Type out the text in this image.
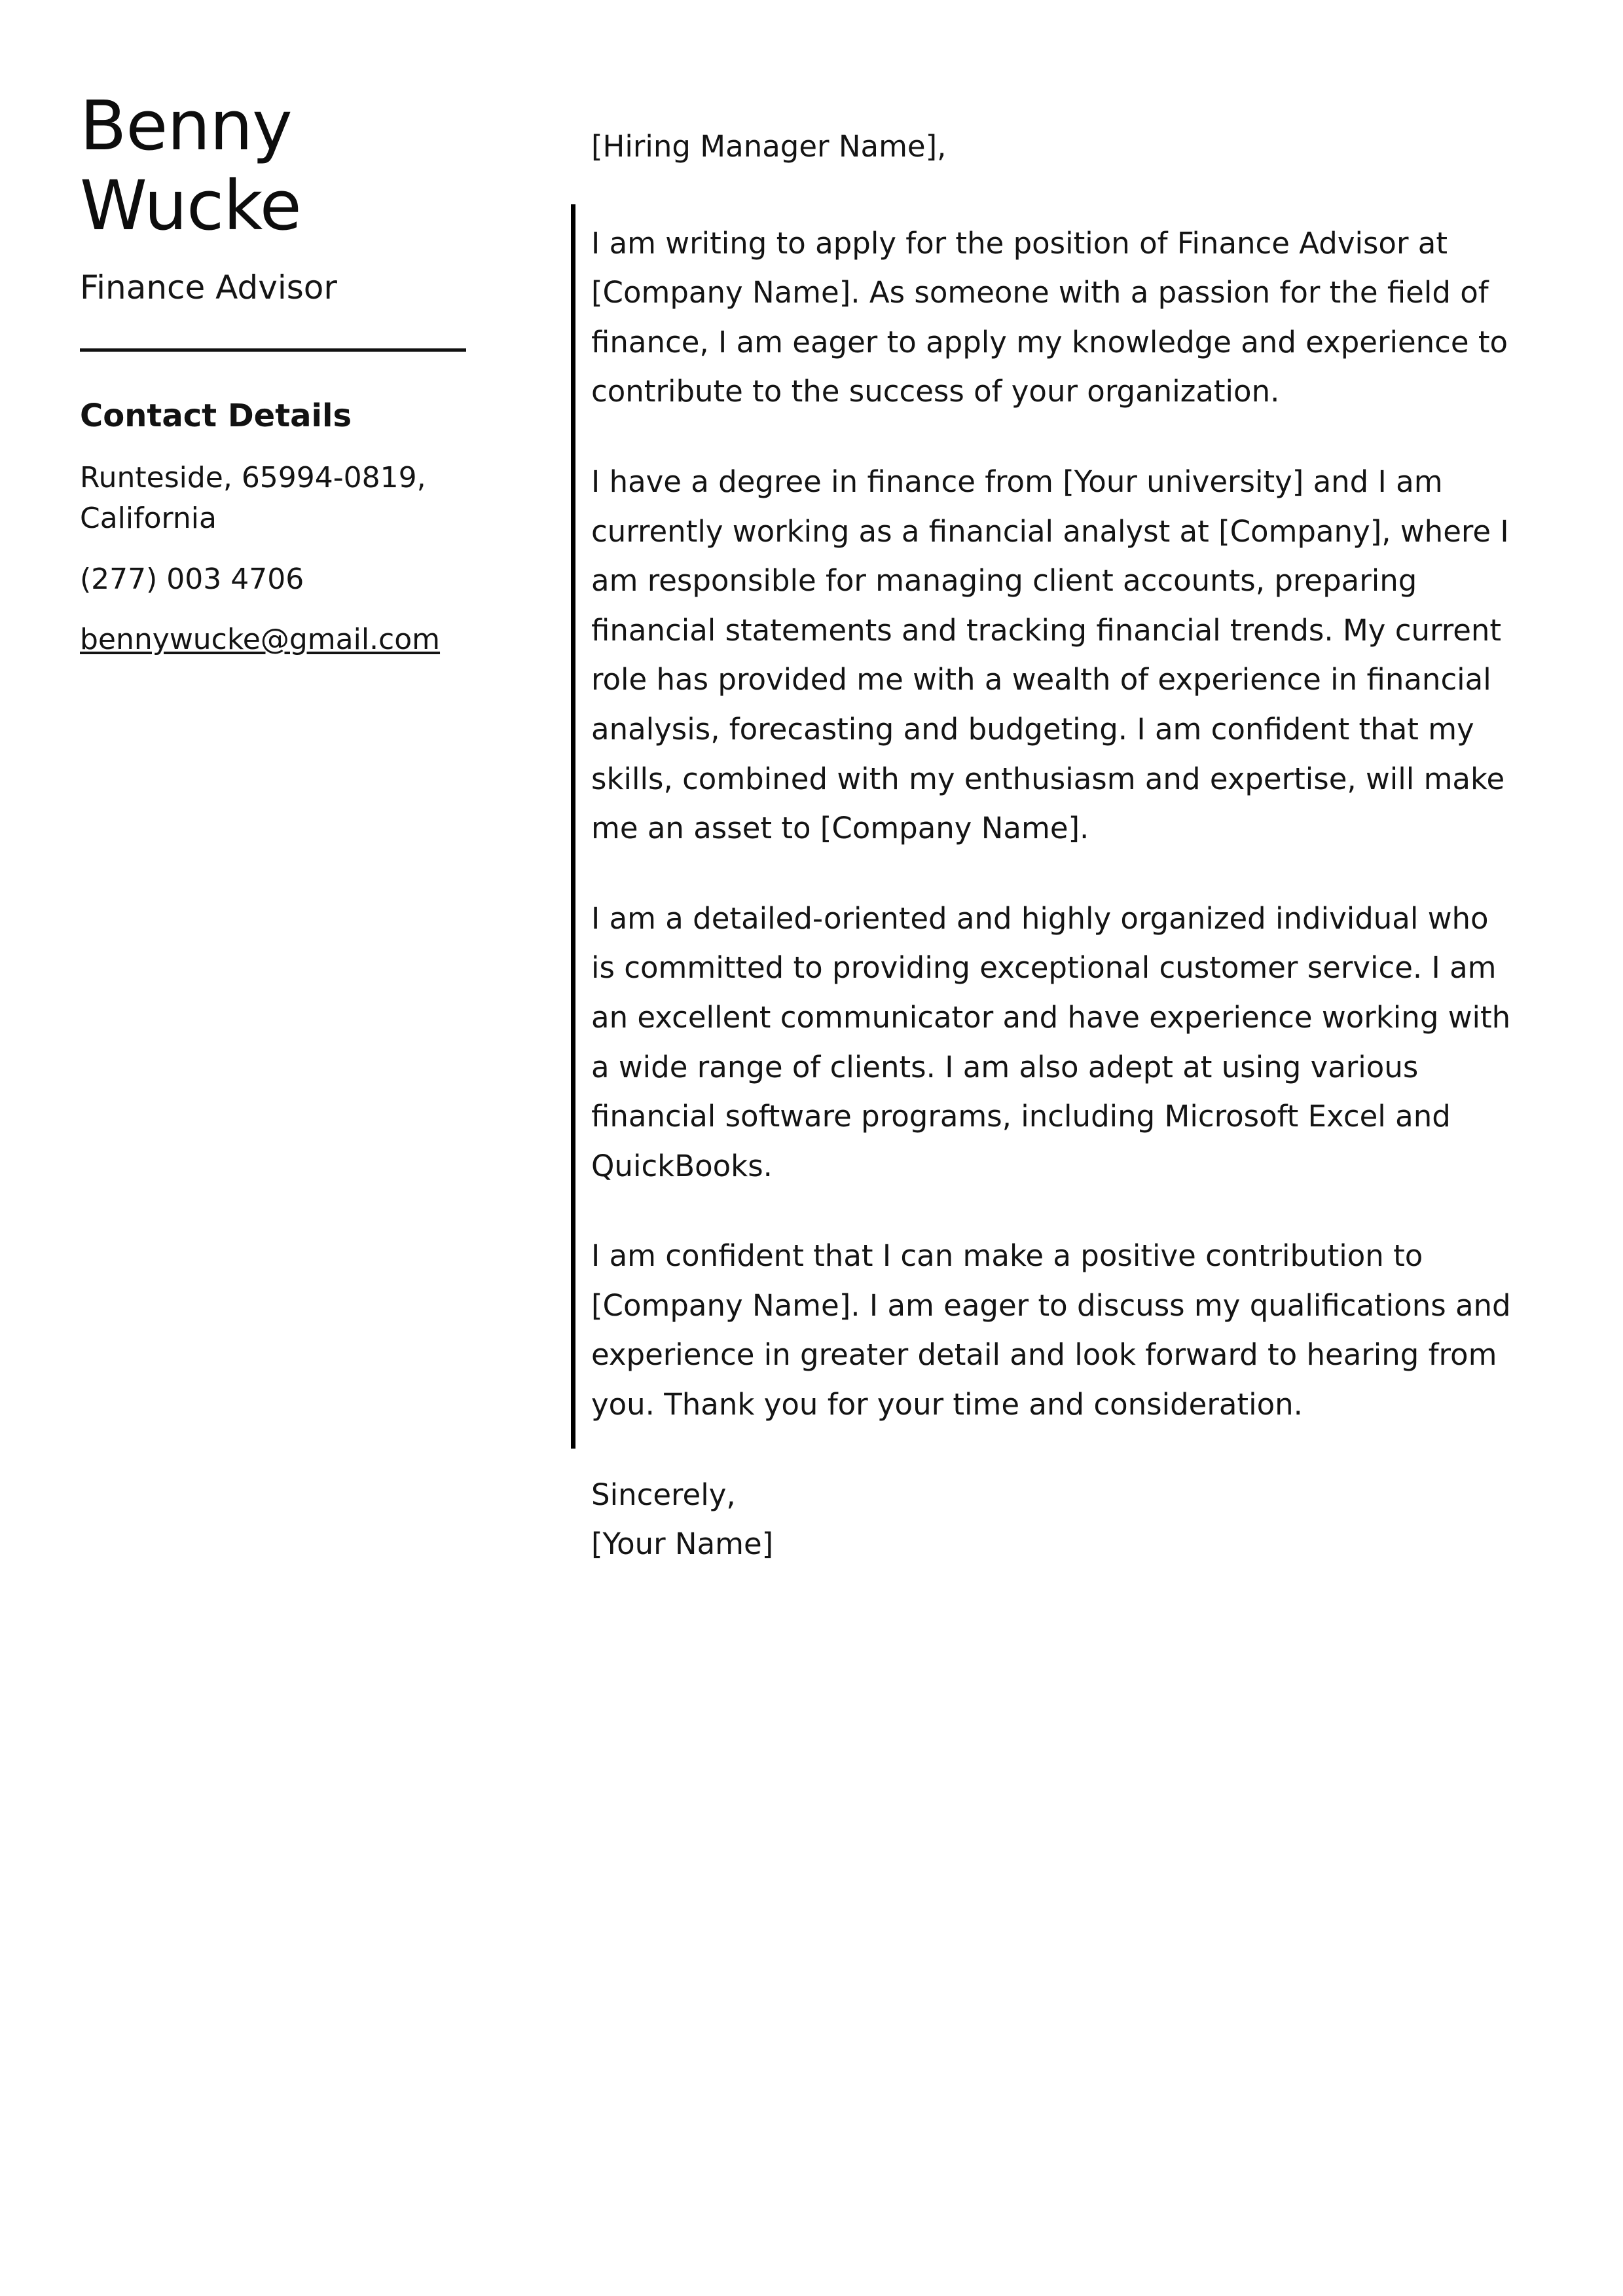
Benny
Wucke
Finance Advisor
Contact Details
Runteside, 65994-0819, California
(277) 003 4706
bennywucke@gmail.com

[Hiring Manager Name],

I am writing to apply for the position of Finance Advisor at [Company Name]. As someone with a passion for the field of finance, I am eager to apply my knowledge and experience to contribute to the success of your organization.

I have a degree in finance from [Your university] and I am currently working as a financial analyst at [Company], where I am responsible for managing client accounts, preparing financial statements and tracking financial trends. My current role has provided me with a wealth of experience in financial analysis, forecasting and budgeting. I am confident that my skills, combined with my enthusiasm and expertise, will make me an asset to [Company Name].

I am a detailed-oriented and highly organized individual who is committed to providing exceptional customer service. I am an excellent communicator and have experience working with a wide range of clients. I am also adept at using various financial software programs, including Microsoft Excel and QuickBooks.

I am confident that I can make a positive contribution to [Company Name]. I am eager to discuss my qualifications and experience in greater detail and look forward to hearing from you. Thank you for your time and consideration.

Sincerely,
[Your Name]
